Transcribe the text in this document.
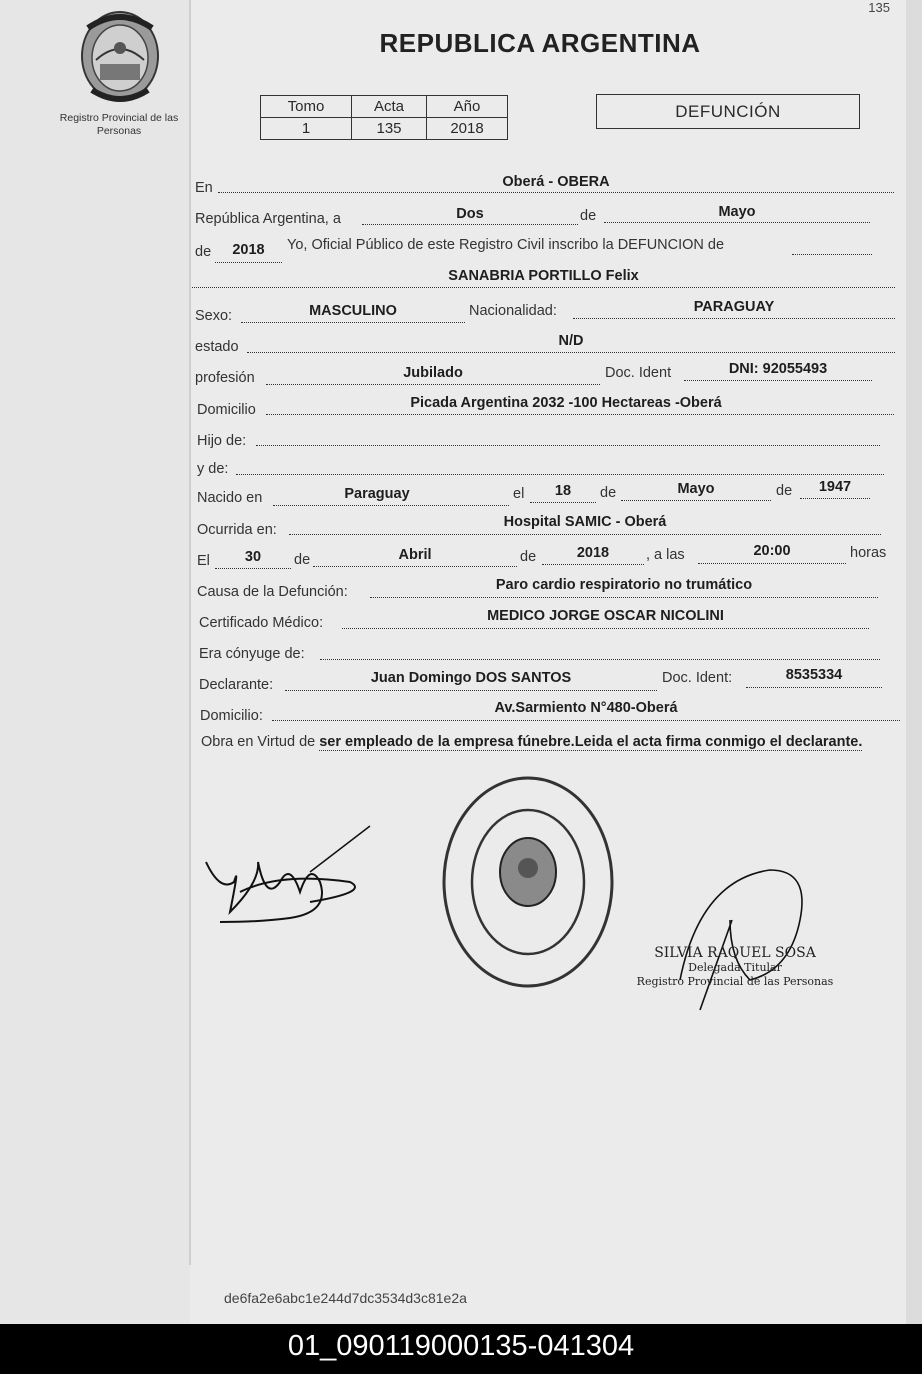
135
Registro Provincial de las Personas
REPUBLICA ARGENTINA
Tomo	Acta	Año
1	135	2018
DEFUNCIÓN
En	Oberá - OBERA
República Argentina, a	Dos	de	Mayo
de	2018	Yo, Oficial Público de este Registro Civil inscribo la DEFUNCION de
SANABRIA PORTILLO Felix
Sexo:	MASCULINO	Nacionalidad:	PARAGUAY
estado	N/D
profesión	Jubilado	Doc. Ident	DNI: 92055493
Domicilio	Picada Argentina 2032 -100 Hectareas -Oberá
Hijo de:
y de:
Nacido en	Paraguay	el	18	de	Mayo	de	1947
Ocurrida en:	Hospital SAMIC - Oberá
El	30	de	Abril	de	2018	, a las	20:00	horas
Causa de la Defunción:	Paro cardio respiratorio no trumático
Certificado Médico:	MEDICO JORGE OSCAR NICOLINI
Era cónyuge de:
Declarante:	Juan Domingo DOS SANTOS	Doc. Ident:	8535334
Domicilio:	Av.Sarmiento N°480-Oberá
Obra en Virtud de ser empleado de la empresa fúnebre.Leida el acta firma conmigo el declarante.
SILVIA RAQUEL SOSA
Delegada Titular
Registro Provincial de las Personas
de6fa2e6abc1e244d7dc3534d3c81e2a
01_090119000135-041304
